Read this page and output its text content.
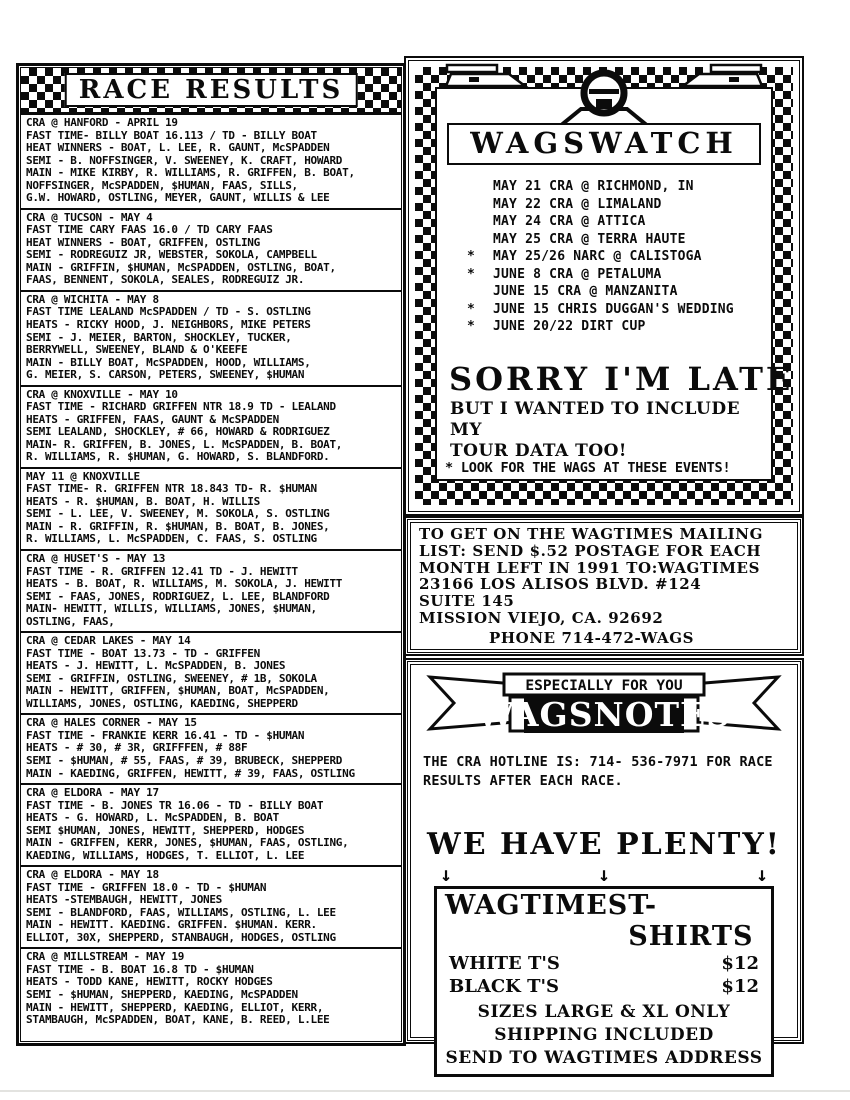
RACE RESULTS
CRA @ HANFORD - APRIL 19
FAST TIME- BILLY BOAT 16.113 / TD - BILLY BOAT
HEAT WINNERS - BOAT, L. LEE, R. GAUNT, McSPADDEN
SEMI - B. NOFFSINGER, V. SWEENEY, K. CRAFT, HOWARD
MAIN - MIKE KIRBY, R. WILLIAMS, R. GRIFFEN, B. BOAT,
NOFFSINGER, McSPADDEN, $HUMAN, FAAS, SILLS,
G.W. HOWARD, OSTLING, MEYER, GAUNT, WILLIS & LEE
CRA @ TUCSON - MAY 4
FAST TIME CARY FAAS 16.0 / TD CARY FAAS
HEAT WINNERS - BOAT, GRIFFEN, OSTLING
SEMI - RODREGUIZ JR, WEBSTER, SOKOLA, CAMPBELL
MAIN - GRIFFIN, $HUMAN, McSPADDEN, OSTLING, BOAT,
FAAS, BENNENT, SOKOLA, SEALES, RODREGUIZ JR.
CRA @ WICHITA - MAY 8
FAST TIME LEALAND McSPADDEN / TD - S. OSTLING
HEATS - RICKY HOOD, J. NEIGHBORS, MIKE PETERS
SEMI - J. MEIER, BARTON, SHOCKLEY, TUCKER,
BERRYWELL, SWEENEY, BLAND & O'KEEFE
MAIN - BILLY BOAT, McSPADDEN, HOOD, WILLIAMS,
G. MEIER, S. CARSON, PETERS, SWEENEY, $HUMAN
CRA @ KNOXVILLE - MAY 10
FAST TIME - RICHARD GRIFFEN NTR 18.9 TD - LEALAND
HEATS - GRIFFEN, FAAS, GAUNT & McSPADDEN
SEMI LEALAND, SHOCKLEY, # 66, HOWARD & RODRIGUEZ
MAIN- R. GRIFFEN, B. JONES, L. McSPADDEN, B. BOAT,
R. WILLIAMS, R. $HUMAN, G. HOWARD, S. BLANDFORD.
MAY 11 @ KNOXVILLE
FAST TIME- R. GRIFFEN NTR 18.843 TD- R. $HUMAN
HEATS - R. $HUMAN, B. BOAT, H. WILLIS
SEMI - L. LEE, V. SWEENEY, M. SOKOLA, S. OSTLING
MAIN - R. GRIFFIN, R. $HUMAN, B. BOAT, B. JONES,
R. WILLIAMS, L. McSPADDEN, C. FAAS, S. OSTLING
CRA @ HUSET'S - MAY 13
FAST TIME - R. GRIFFEN 12.41 TD - J. HEWITT
HEATS - B. BOAT, R. WILLIAMS, M. SOKOLA, J. HEWITT
SEMI - FAAS, JONES, RODRIGUEZ, L. LEE, BLANDFORD
MAIN- HEWITT, WILLIS, WILLIAMS, JONES, $HUMAN,
OSTLING, FAAS,
CRA @ CEDAR LAKES - MAY 14
FAST TIME - BOAT 13.73 - TD - GRIFFEN
HEATS - J. HEWITT, L. McSPADDEN, B. JONES
SEMI - GRIFFIN, OSTLING, SWEENEY, # 1B, SOKOLA
MAIN - HEWITT, GRIFFEN, $HUMAN, BOAT, McSPADDEN,
WILLIAMS, JONES, OSTLING, KAEDING, SHEPPERD
CRA @ HALES CORNER - MAY 15
FAST TIME - FRANKIE KERR 16.41 - TD - $HUMAN
HEATS - # 30, # 3R, GRIFFFEN, # 88F
SEMI - $HUMAN, # 55, FAAS, # 39, BRUBECK, SHEPPERD
MAIN - KAEDING, GRIFFEN, HEWITT, # 39, FAAS, OSTLING
CRA @ ELDORA - MAY 17
FAST TIME - B. JONES TR 16.06 - TD - BILLY BOAT
HEATS - G. HOWARD, L. McSPADDEN, B. BOAT
SEMI $HUMAN, JONES, HEWITT, SHEPPERD, HODGES
MAIN - GRIFFEN, KERR, JONES, $HUMAN, FAAS, OSTLING,
KAEDING, WILLIAMS, HODGES, T. ELLIOT, L. LEE
CRA @ ELDORA - MAY 18
FAST TIME - GRIFFEN 18.0 - TD - $HUMAN
HEATS -STEMBAUGH, HEWITT, JONES
SEMI - BLANDFORD, FAAS, WILLIAMS, OSTLING, L. LEE
MAIN - HEWITT. KAEDING. GRIFFEN. $HUMAN. KERR.
ELLIOT, 30X, SHEPPERD, STANBAUGH, HODGES, OSTLING
CRA @ MILLSTREAM - MAY 19
FAST TIME - B. BOAT 16.8 TD - $HUMAN
HEATS - TODD KANE, HEWITT, ROCKY HODGES
SEMI - $HUMAN, SHEPPERD, KAEDING, McSPADDEN
MAIN - HEWITT, SHEPPERD, KAEDING, ELLIOT, KERR,
STAMBAUGH, McSPADDEN, BOAT, KANE, B. REED, L.LEE
WAGSWATCH
MAY 21 CRA @ RICHMOND, IN
MAY 22 CRA @ LIMALAND
MAY 24 CRA @ ATTICA
MAY 25 CRA @ TERRA HAUTE
*	MAY 25/26 NARC @ CALISTOGA
*	JUNE 8 CRA @ PETALUMA
JUNE 15 CRA @ MANZANITA
*	JUNE 15 CHRIS DUGGAN'S WEDDING
*	JUNE 20/22 DIRT CUP
SORRY I'M LATE
BUT I WANTED TO INCLUDE MY
TOUR DATA TOO!
* LOOK FOR THE WAGS AT THESE EVENTS!
TO GET ON THE WAGTIMES MAILING
LIST: SEND $.52 POSTAGE FOR EACH
MONTH LEFT IN 1991 TO:WAGTIMES
23166 LOS ALISOS BLVD. #124
SUITE 145
MISSION VIEJO, CA. 92692
PHONE 714-472-WAGS
ESPECIALLY FOR YOU
WAGSNOTES
THE CRA HOTLINE IS: 714- 536-7971 FOR RACE
RESULTS AFTER EACH RACE.
WE HAVE PLENTY!
↓	↓	↓
WAGTIMES T-SHIRTS
WHITE T'S	$12
BLACK T'S	$12
SIZES LARGE & XL ONLY
SHIPPING INCLUDED
SEND TO WAGTIMES ADDRESS
